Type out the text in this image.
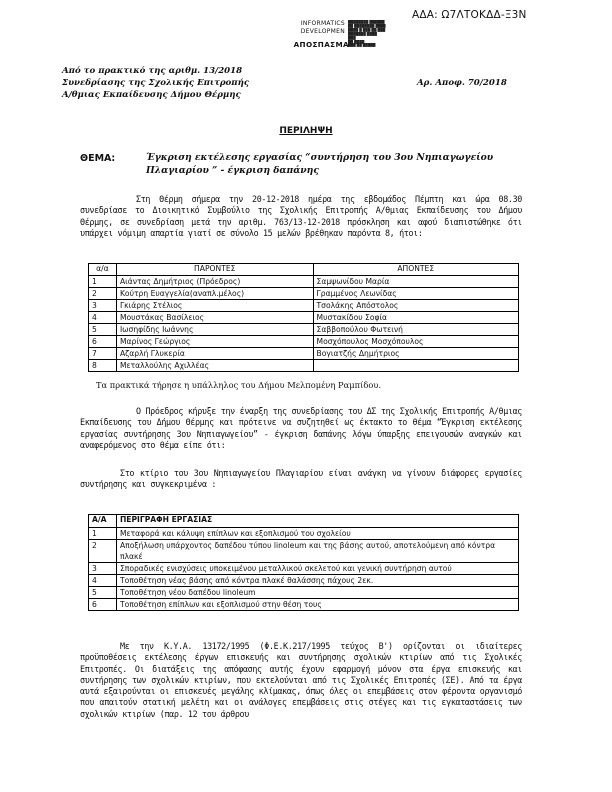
ΑΔΑ: Ω7ΛΤΟΚΔΔ-Ξ3Ν
INFORMATICS
DEVELOPMEN
████████ ██████
██ ████████ ████
████ █ ███ ██ ███
███████ ████
███
██ ████
███ ██ █████
ΑΠΟΣΠΑΣΜΑ
Από το πρακτικό της αριθμ. 13/2018
Συνεδρίασης της Σχολικής Επιτροπής
Α/θμιας Εκπαίδευσης Δήμου Θέρμης
Αρ. Αποφ. 70/2018
ΠΕΡΙΛΗΨΗ
ΘΕΜΑ:	Έγκριση εκτέλεσης εργασίας “συντήρηση του 3ου Νηπιαγωγείου Πλαγιαρίου ” - έγκριση δαπάνης
Στη Θέρμη σήμερα την 20-12-2018 ημέρα της εβδομάδος Πέμπτη και ώρα 08.30 συνεδρίασε το Διοικητικό Συμβούλιο της Σχολικής Επιτροπής Α/θμιας Εκπαίδευσης του Δήμου Θέρμης, σε συνεδρίαση μετά την αριθμ. 763/13-12-2018 πρόσκληση και αφού διαπιστώθηκε ότι υπάρχει νόμιμη απαρτία γιατί σε σύνολο 15 μελών βρέθηκαν παρόντα 8, ήτοι:
α/α	ΠΑΡΟΝΤΕΣ	ΑΠΟΝΤΕΣ
1	Αιάντας Δημήτριος (Πρόεδρος)	Σαμψωνίδου Μαρία
2	Κούτρη Ευαγγελία(αναπλ.μέλος)	Γραμμένος Λεωνίδας
3	Γκιάρης Στέλιος	Τσολάκης Απόστολος
4	Μουστάκας Βασίλειος	Μυστακίδου Σοφία
5	Ιωσηφίδης Ιωάννης	Σαββοπούλου Φωτεινή
6	Μαρίνος Γεώργιος	Μοσχόπουλος Μοσχόπουλος
7	Αζαρλή Γλυκερία	Βογιατζής Δημήτριος
8	Μεταλλούλης Αχιλλέας	
Τα πρακτικά τήρησε η υπάλληλος του Δήμου Μελπομένη Ραμπίδου.
Ο Πρόεδρος κήρυξε την έναρξη της συνεδρίασης του ΔΣ της Σχολικής Επιτροπής Α/θμιας Εκπαίδευσης του Δήμου Θέρμης και πρότεινε να συζητηθεί ως έκτακτο το θέμα “Έγκριση εκτέλεσης εργασίας συντήρησης 3ου Νηπιαγωγείου” - έγκριση δαπάνης λόγω ύπαρξης επειγουσών αναγκών και αναφερόμενος στο θέμα είπε ότι:
Στο κτίριο του 3ου Νηπιαγωγείου Πλαγιαρίου είναι ανάγκη να γίνουν διάφορες εργασίες συντήρησης και συγκεκριμένα :
Α/Α	ΠΕΡΙΓΡΑΦΗ ΕΡΓΑΣΙΑΣ
1	Μεταφορά και κάλυψη επίπλων και εξοπλισμού του σχολείου
2	Αποξήλωση υπάρχοντος δαπέδου τύπου linoleum και της βάσης αυτού, αποτελούμενη από κόντρα πλακέ
3	Σποραδικές ενισχύσεις υποκειμένου μεταλλικού σκελετού και γενική συντήρηση αυτού
4	Τοποθέτηση νέας βάσης από κόντρα πλακέ θαλάσσης πάχους 2εκ.
5	Τοποθέτηση νέου δαπέδου linoleum
6	Τοποθέτηση επίπλων και εξοπλισμού στην θέση τους
Με την Κ.Υ.Α. 13172/1995 (Φ.Ε.Κ.217/1995 τεύχος Β') ορίζονται οι ιδιαίτερες προϋποθέσεις εκτέλεσης έργων επισκευής και συντήρησης σχολικών κτιρίων από τις Σχολικές Επιτροπές. Οι διατάξεις της απόφασης αυτής έχουν εφαρμογή μόνον στα έργα επισκευής και συντήρησης των σχολικών κτιρίων, που εκτελούνται από τις Σχολικές Επιτροπές (ΣΕ). Από τα έργα αυτά εξαιρούνται οι επισκευές μεγάλης κλίμακας, όπως όλες οι επεμβάσεις στον φέροντα οργανισμό που απαιτούν στατική μελέτη και οι ανάλογες επεμβάσεις στις στέγες και τις εγκαταστάσεις των σχολικών κτιρίων (παρ. 12 του άρθρου
